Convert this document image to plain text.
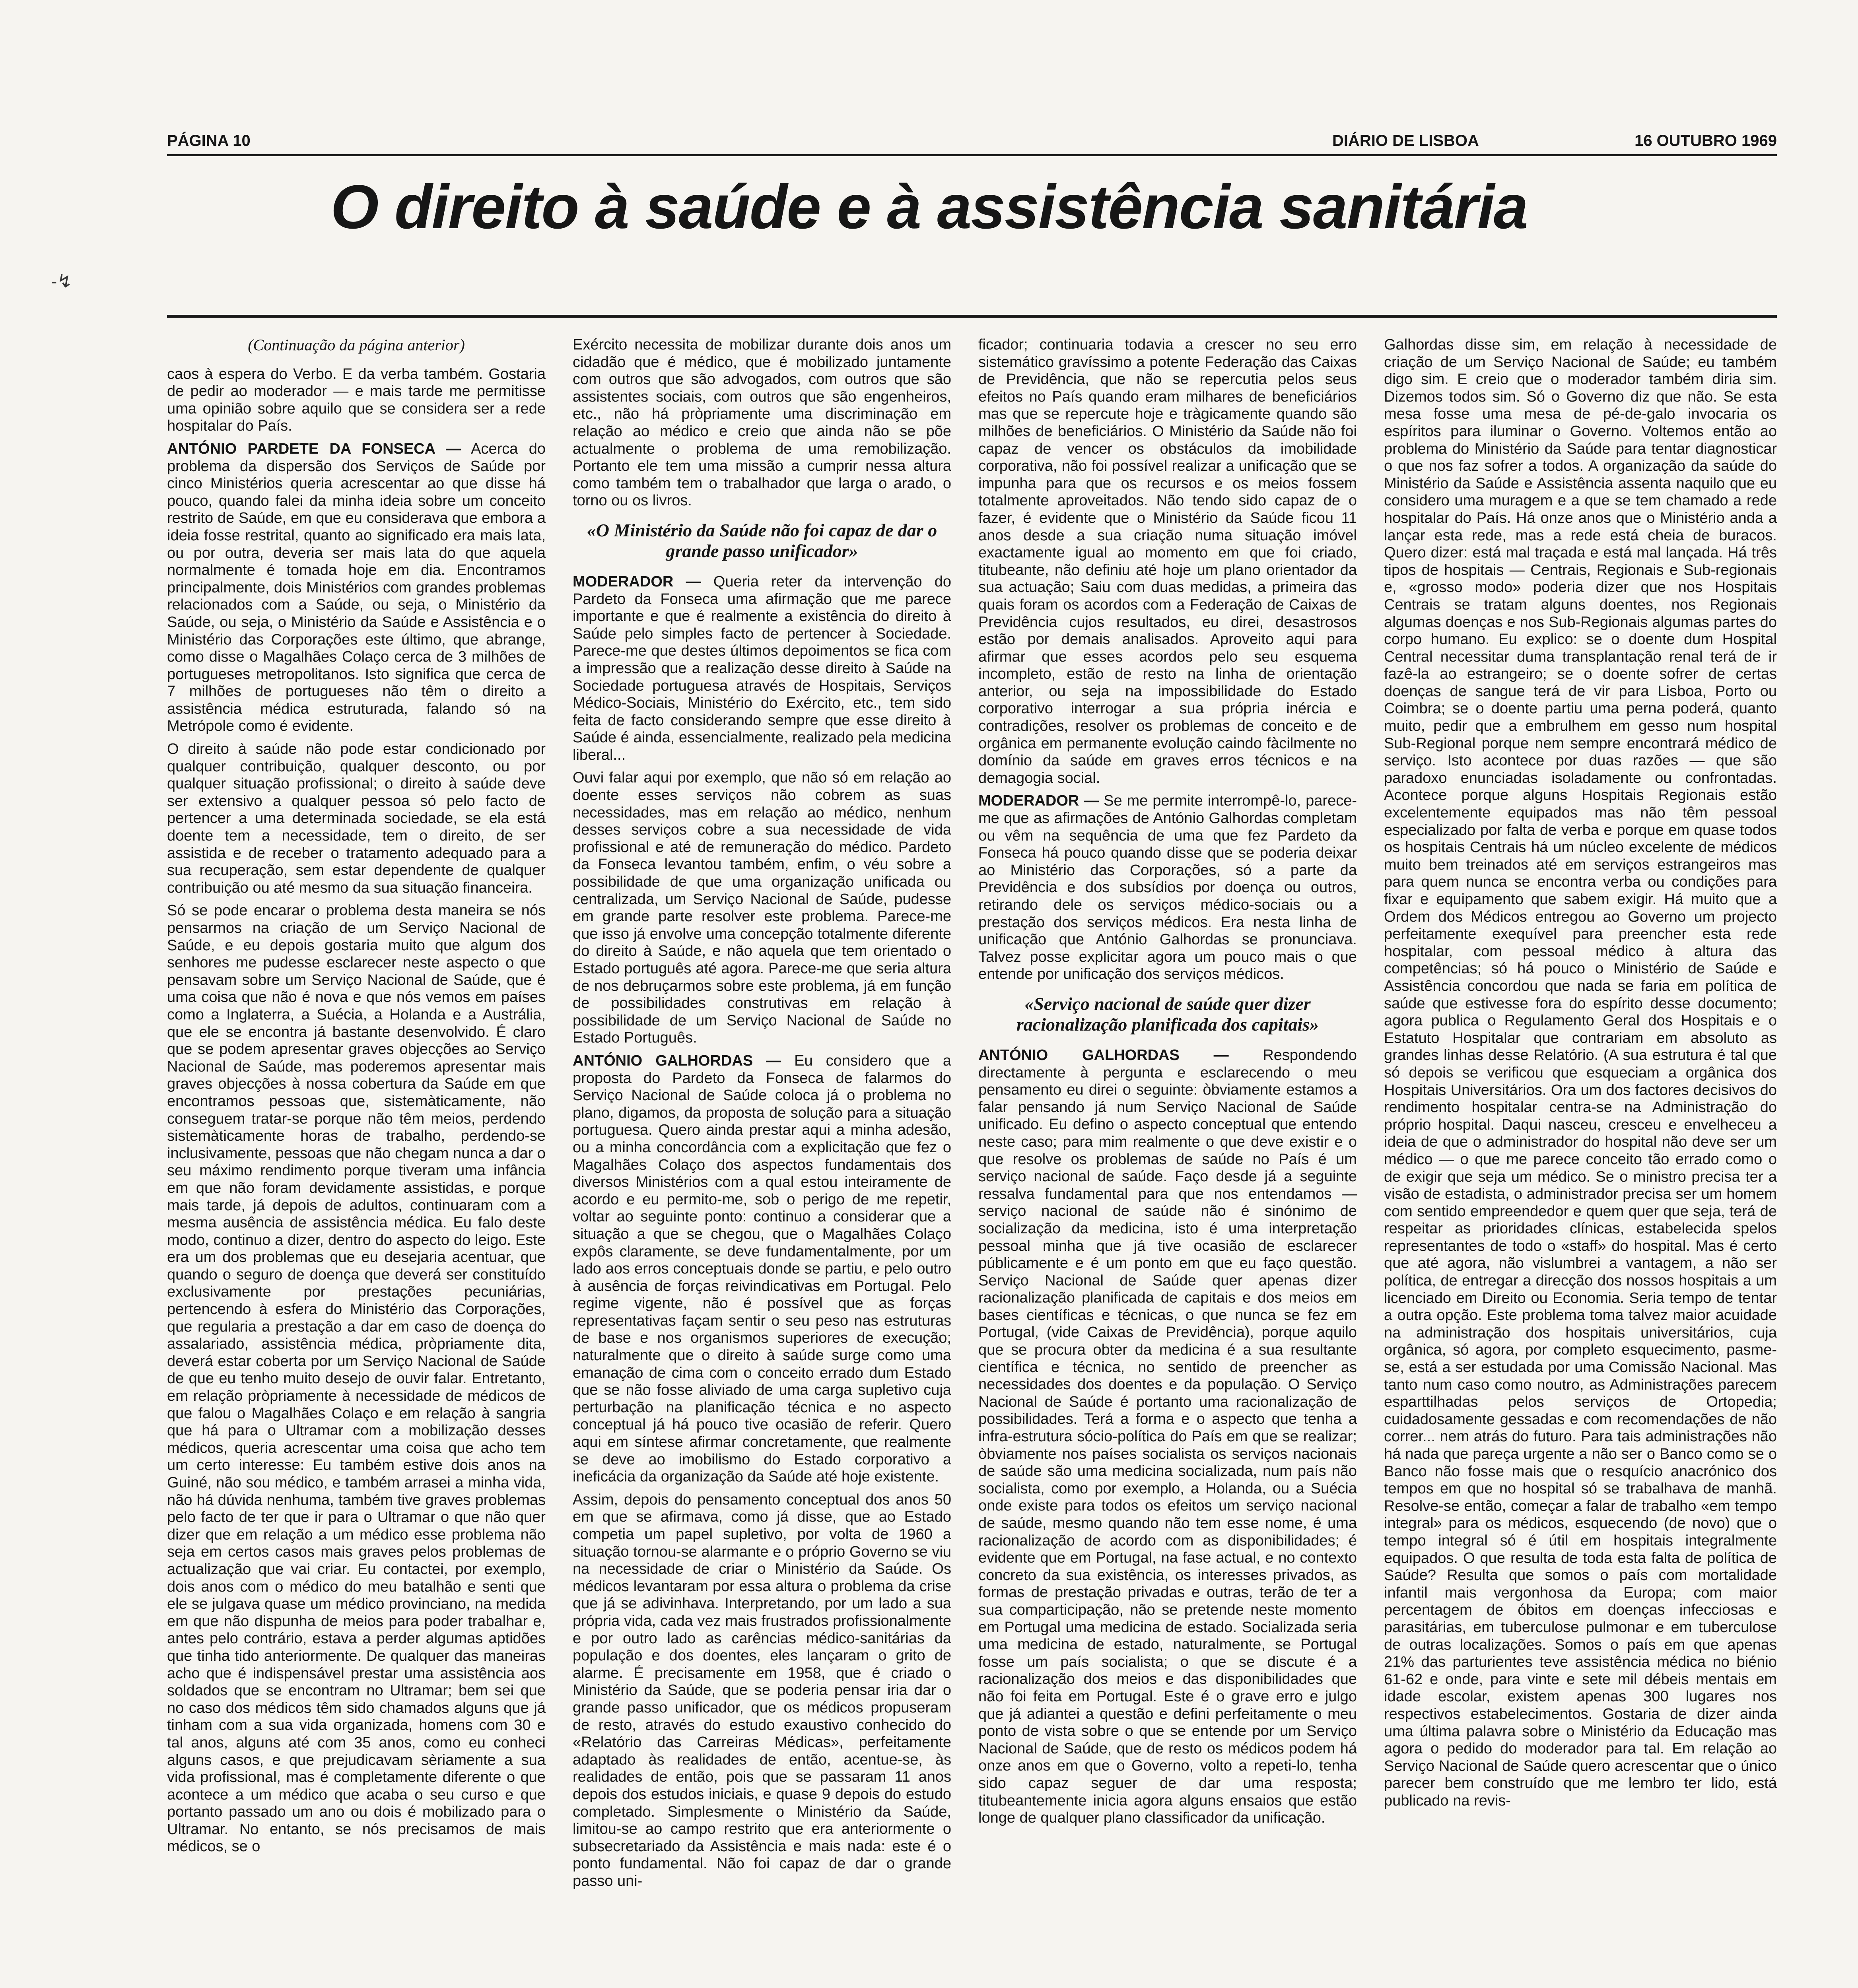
PÁGINA 10	DIÁRIO DE LISBOA	16 OUTUBRO 1969
O direito à saúde e à assistência sanitária
-↯

(Continuação da página anterior)

caos à espera do Verbo. E da verba também. Gostaria de pedir ao moderador — e mais tarde me permitisse uma opinião sobre aquilo que se considera ser a rede hospitalar do País.

ANTÓNIO PARDETE DA FONSECA — Acerca do problema da dispersão dos Serviços de Saúde por cinco Ministérios queria acrescentar ao que disse há pouco, quando falei da minha ideia sobre um conceito restrito de Saúde, em que eu considerava que embora a ideia fosse restrital, quanto ao significado era mais lata, ou por outra, deveria ser mais lata do que aquela normalmente é tomada hoje em dia. Encontramos principalmente, dois Ministérios com grandes problemas relacionados com a Saúde, ou seja, o Ministério da Saúde, ou seja, o Ministério da Saúde e Assistência e o Ministério das Corporações este último, que abrange, como disse o Magalhães Colaço cerca de 3 milhões de portugueses metropolitanos. Isto significa que cerca de 7 milhões de portugueses não têm o direito a assistência médica estruturada, falando só na Metrópole como é evidente.

O direito à saúde não pode estar condicionado por qualquer contribuição, qualquer desconto, ou por qualquer situação profissional; o direito à saúde deve ser extensivo a qualquer pessoa só pelo facto de pertencer a uma determinada sociedade, se ela está doente tem a necessidade, tem o direito, de ser assistida e de receber o tratamento adequado para a sua recuperação, sem estar dependente de qualquer contribuição ou até mesmo da sua situação financeira.

Só se pode encarar o problema desta maneira se nós pensarmos na criação de um Serviço Nacional de Saúde, e eu depois gostaria muito que algum dos senhores me pudesse esclarecer neste aspecto o que pensavam sobre um Serviço Nacional de Saúde, que é uma coisa que não é nova e que nós vemos em países como a Inglaterra, a Suécia, a Holanda e a Austrália, que ele se encontra já bastante desenvolvido. É claro que se podem apresentar graves objecções ao Serviço Nacional de Saúde, mas poderemos apresentar mais graves objecções à nossa cobertura da Saúde em que encontramos pessoas que, sistemàticamente, não conseguem tratar-se porque não têm meios, perdendo sistemàticamente horas de trabalho, perdendo-se inclusivamente, pessoas que não chegam nunca a dar o seu máximo rendimento porque tiveram uma infância em que não foram devidamente assistidas, e porque mais tarde, já depois de adultos, continuaram com a mesma ausência de assistência médica. Eu falo deste modo, continuo a dizer, dentro do aspecto do leigo. Este era um dos problemas que eu desejaria acentuar, que quando o seguro de doença que deverá ser constituído exclusivamente por prestações pecuniárias, pertencendo à esfera do Ministério das Corporações, que regularia a prestação a dar em caso de doença do assalariado, assistência médica, pròpriamente dita, deverá estar coberta por um Serviço Nacional de Saúde de que eu tenho muito desejo de ouvir falar. Entretanto, em relação pròpriamente à necessidade de médicos de que falou o Magalhães Colaço e em relação à sangria que há para o Ultramar com a mobilização desses médicos, queria acrescentar uma coisa que acho tem um certo interesse: Eu também estive dois anos na Guiné, não sou médico, e também arrasei a minha vida, não há dúvida nenhuma, também tive graves problemas pelo facto de ter que ir para o Ultramar o que não quer dizer que em relação a um médico esse problema não seja em certos casos mais graves pelos problemas de actualização que vai criar. Eu contactei, por exemplo, dois anos com o médico do meu batalhão e senti que ele se julgava quase um médico provinciano, na medida em que não dispunha de meios para poder trabalhar e, antes pelo contrário, estava a perder algumas aptidões que tinha tido anteriormente. De qualquer das maneiras acho que é indispensável prestar uma assistência aos soldados que se encontram no Ultramar; bem sei que no caso dos médicos têm sido chamados alguns que já tinham com a sua vida organizada, homens com 30 e tal anos, alguns até com 35 anos, como eu conheci alguns casos, e que prejudicavam sèriamente a sua vida profissional, mas é completamente diferente o que acontece a um médico que acaba o seu curso e que portanto passado um ano ou dois é mobilizado para o Ultramar. No entanto, se nós precisamos de mais médicos, se o

Exército necessita de mobilizar durante dois anos um cidadão que é médico, que é mobilizado juntamente com outros que são advogados, com outros que são assistentes sociais, com outros que são engenheiros, etc., não há pròpriamente uma discriminação em relação ao médico e creio que ainda não se põe actualmente o problema de uma remobilização. Portanto ele tem uma missão a cumprir nessa altura como também tem o trabalhador que larga o arado, o torno ou os livros.

«O Ministério da Saúde não foi capaz de dar o grande passo unificador»

MODERADOR — Queria reter da intervenção do Pardeto da Fonseca uma afirmação que me parece importante e que é realmente a existência do direito à Saúde pelo simples facto de pertencer à Sociedade. Parece-me que destes últimos depoimentos se fica com a impressão que a realização desse direito à Saúde na Sociedade portuguesa através de Hospitais, Serviços Médico-Sociais, Ministério do Exército, etc., tem sido feita de facto considerando sempre que esse direito à Saúde é ainda, essencialmente, realizado pela medicina liberal...

Ouvi falar aqui por exemplo, que não só em relação ao doente esses serviços não cobrem as suas necessidades, mas em relação ao médico, nenhum desses serviços cobre a sua necessidade de vida profissional e até de remuneração do médico. Pardeto da Fonseca levantou também, enfim, o véu sobre a possibilidade de que uma organização unificada ou centralizada, um Serviço Nacional de Saúde, pudesse em grande parte resolver este problema. Parece-me que isso já envolve uma concepção totalmente diferente do direito à Saúde, e não aquela que tem orientado o Estado português até agora. Parece-me que seria altura de nos debruçarmos sobre este problema, já em função de possibilidades construtivas em relação à possibilidade de um Serviço Nacional de Saúde no Estado Português.

ANTÓNIO GALHORDAS — Eu considero que a proposta do Pardeto da Fonseca de falarmos do Serviço Nacional de Saúde coloca já o problema no plano, digamos, da proposta de solução para a situação portuguesa. Quero ainda prestar aqui a minha adesão, ou a minha concordância com a explicitação que fez o Magalhães Colaço dos aspectos fundamentais dos diversos Ministérios com a qual estou inteiramente de acordo e eu permito-me, sob o perigo de me repetir, voltar ao seguinte ponto: continuo a considerar que a situação a que se chegou, que o Magalhães Colaço expôs claramente, se deve fundamentalmente, por um lado aos erros conceptuais donde se partiu, e pelo outro à ausência de forças reivindicativas em Portugal. Pelo regime vigente, não é possível que as forças representativas façam sentir o seu peso nas estruturas de base e nos organismos superiores de execução; naturalmente que o direito à saúde surge como uma emanação de cima com o conceito errado dum Estado que se não fosse aliviado de uma carga supletivo cuja perturbação na planificação técnica e no aspecto conceptual já há pouco tive ocasião de referir. Quero aqui em síntese afirmar concretamente, que realmente se deve ao imobilismo do Estado corporativo a ineficácia da organização da Saúde até hoje existente.

Assim, depois do pensamento conceptual dos anos 50 em que se afirmava, como já disse, que ao Estado competia um papel supletivo, por volta de 1960 a situação tornou-se alarmante e o próprio Governo se viu na necessidade de criar o Ministério da Saúde. Os médicos levantaram por essa altura o problema da crise que já se adivinhava. Interpretando, por um lado a sua própria vida, cada vez mais frustrados profissionalmente e por outro lado as carências médico-sanitárias da população e dos doentes, eles lançaram o grito de alarme. É precisamente em 1958, que é criado o Ministério da Saúde, que se poderia pensar iria dar o grande passo unificador, que os médicos propuseram de resto, através do estudo exaustivo conhecido do «Relatório das Carreiras Médicas», perfeitamente adaptado às realidades de então, acentue-se, às realidades de então, pois que se passaram 11 anos depois dos estudos iniciais, e quase 9 depois do estudo completado. Simplesmente o Ministério da Saúde, limitou-se ao campo restrito que era anteriormente o subsecretariado da Assistência e mais nada: este é o ponto fundamental. Não foi capaz de dar o grande passo uni-

ficador; continuaria todavia a crescer no seu erro sistemático gravíssimo a potente Federação das Caixas de Previdência, que não se repercutia pelos seus efeitos no País quando eram milhares de beneficiários mas que se repercute hoje e tràgicamente quando são milhões de beneficiários. O Ministério da Saúde não foi capaz de vencer os obstáculos da imobilidade corporativa, não foi possível realizar a unificação que se impunha para que os recursos e os meios fossem totalmente aproveitados. Não tendo sido capaz de o fazer, é evidente que o Ministério da Saúde ficou 11 anos desde a sua criação numa situação imóvel exactamente igual ao momento em que foi criado, titubeante, não definiu até hoje um plano orientador da sua actuação; Saiu com duas medidas, a primeira das quais foram os acordos com a Federação de Caixas de Previdência cujos resultados, eu direi, desastrosos estão por demais analisados. Aproveito aqui para afirmar que esses acordos pelo seu esquema incompleto, estão de resto na linha de orientação anterior, ou seja na impossibilidade do Estado corporativo interrogar a sua própria inércia e contradições, resolver os problemas de conceito e de orgânica em permanente evolução caindo fàcilmente no domínio da saúde em graves erros técnicos e na demagogia social.

MODERADOR — Se me permite interrompê-lo, parece-me que as afirmações de António Galhordas completam ou vêm na sequência de uma que fez Pardeto da Fonseca há pouco quando disse que se poderia deixar ao Ministério das Corporações, só a parte da Previdência e dos subsídios por doença ou outros, retirando dele os serviços médico-sociais ou a prestação dos serviços médicos. Era nesta linha de unificação que António Galhordas se pronunciava. Talvez posse explicitar agora um pouco mais o que entende por unificação dos serviços médicos.

«Serviço nacional de saúde quer dizer racionalização planificada dos capitais»

ANTÓNIO GALHORDAS — Respondendo directamente à pergunta e esclarecendo o meu pensamento eu direi o seguinte: òbviamente estamos a falar pensando já num Serviço Nacional de Saúde unificado. Eu defino o aspecto conceptual que entendo neste caso; para mim realmente o que deve existir e o que resolve os problemas de saúde no País é um serviço nacional de saúde. Faço desde já a seguinte ressalva fundamental para que nos entendamos — serviço nacional de saúde não é sinónimo de socialização da medicina, isto é uma interpretação pessoal minha que já tive ocasião de esclarecer públicamente e é um ponto em que eu faço questão. Serviço Nacional de Saúde quer apenas dizer racionalização planificada de capitais e dos meios em bases científicas e técnicas, o que nunca se fez em Portugal, (vide Caixas de Previdência), porque aquilo que se procura obter da medicina é a sua resultante científica e técnica, no sentido de preencher as necessidades dos doentes e da população. O Serviço Nacional de Saúde é portanto uma racionalização de possibilidades. Terá a forma e o aspecto que tenha a infra-estrutura sócio-política do País em que se realizar; òbviamente nos países socialista os serviços nacionais de saúde são uma medicina socializada, num país não socialista, como por exemplo, a Holanda, ou a Suécia onde existe para todos os efeitos um serviço nacional de saúde, mesmo quando não tem esse nome, é uma racionalização de acordo com as disponibilidades; é evidente que em Portugal, na fase actual, e no contexto concreto da sua existência, os interesses privados, as formas de prestação privadas e outras, terão de ter a sua comparticipação, não se pretende neste momento em Portugal uma medicina de estado. Socializada seria uma medicina de estado, naturalmente, se Portugal fosse um país socialista; o que se discute é a racionalização dos meios e das disponibilidades que não foi feita em Portugal. Este é o grave erro e julgo que já adiantei a questão e defini perfeitamente o meu ponto de vista sobre o que se entende por um Serviço Nacional de Saúde, que de resto os médicos podem há onze anos em que o Governo, volto a repeti-lo, tenha sido capaz seguer de dar uma resposta; titubeantemente inicia agora alguns ensaios que estão longe de qualquer plano classificador da unificação.

Galhordas disse sim, em relação à necessidade de criação de um Serviço Nacional de Saúde; eu também digo sim. E creio que o moderador também diria sim. Dizemos todos sim. Só o Governo diz que não. Se esta mesa fosse uma mesa de pé-de-galo invocaria os espíritos para iluminar o Governo. Voltemos então ao problema do Ministério da Saúde para tentar diagnosticar o que nos faz sofrer a todos. A organização da saúde do Ministério da Saúde e Assistência assenta naquilo que eu considero uma muragem e a que se tem chamado a rede hospitalar do País. Há onze anos que o Ministério anda a lançar esta rede, mas a rede está cheia de buracos. Quero dizer: está mal traçada e está mal lançada. Há três tipos de hospitais — Centrais, Regionais e Sub-regionais e, «grosso modo» poderia dizer que nos Hospitais Centrais se tratam alguns doentes, nos Regionais algumas doenças e nos Sub-Regionais algumas partes do corpo humano. Eu explico: se o doente dum Hospital Central necessitar duma transplantação renal terá de ir fazê-la ao estrangeiro; se o doente sofrer de certas doenças de sangue terá de vir para Lisboa, Porto ou Coimbra; se o doente partiu uma perna poderá, quanto muito, pedir que a embrulhem em gesso num hospital Sub-Regional porque nem sempre encontrará médico de serviço. Isto acontece por duas razões — que são paradoxo enunciadas isoladamente ou confrontadas. Acontece porque alguns Hospitais Regionais estão excelentemente equipados mas não têm pessoal especializado por falta de verba e porque em quase todos os hospitais Centrais há um núcleo excelente de médicos muito bem treinados até em serviços estrangeiros mas para quem nunca se encontra verba ou condições para fixar e equipamento que sabem exigir. Há muito que a Ordem dos Médicos entregou ao Governo um projecto perfeitamente exequível para preencher esta rede hospitalar, com pessoal médico à altura das competências; só há pouco o Ministério de Saúde e Assistência concordou que nada se faria em política de saúde que estivesse fora do espírito desse documento; agora publica o Regulamento Geral dos Hospitais e o Estatuto Hospitalar que contrariam em absoluto as grandes linhas desse Relatório. (A sua estrutura é tal que só depois se verificou que esqueciam a orgânica dos Hospitais Universitários. Ora um dos factores decisivos do rendimento hospitalar centra-se na Administração do próprio hospital. Daqui nasceu, cresceu e envelheceu a ideia de que o administrador do hospital não deve ser um médico — o que me parece conceito tão errado como o de exigir que seja um médico. Se o ministro precisa ter a visão de estadista, o administrador precisa ser um homem com sentido empreendedor e quem quer que seja, terá de respeitar as prioridades clínicas, estabelecida spelos representantes de todo o «staff» do hospital. Mas é certo que até agora, não vislumbrei a vantagem, a não ser política, de entregar a direcção dos nossos hospitais a um licenciado em Direito ou Economia. Seria tempo de tentar a outra opção. Este problema toma talvez maior acuidade na administração dos hospitais universitários, cuja orgânica, só agora, por completo esquecimento, pasme-se, está a ser estudada por uma Comissão Nacional. Mas tanto num caso como noutro, as Administrações parecem esparttilhadas pelos serviços de Ortopedia; cuidadosamente gessadas e com recomendações de não correr... nem atrás do futuro. Para tais administrações não há nada que pareça urgente a não ser o Banco como se o Banco não fosse mais que o resquício anacrónico dos tempos em que no hospital só se trabalhava de manhã. Resolve-se então, começar a falar de trabalho «em tempo integral» para os médicos, esquecendo (de novo) que o tempo integral só é útil em hospitais integralmente equipados. O que resulta de toda esta falta de política de Saúde? Resulta que somos o país com mortalidade infantil mais vergonhosa da Europa; com maior percentagem de óbitos em doenças infecciosas e parasitárias, em tuberculose pulmonar e em tuberculose de outras localizações. Somos o país em que apenas 21% das parturientes teve assistência médica no biénio 61-62 e onde, para vinte e sete mil débeis mentais em idade escolar, existem apenas 300 lugares nos respectivos estabelecimentos. Gostaria de dizer ainda uma última palavra sobre o Ministério da Educação mas agora o pedido do moderador para tal. Em relação ao Serviço Nacional de Saúde quero acrescentar que o único parecer bem construído que me lembro ter lido, está publicado na revis-
